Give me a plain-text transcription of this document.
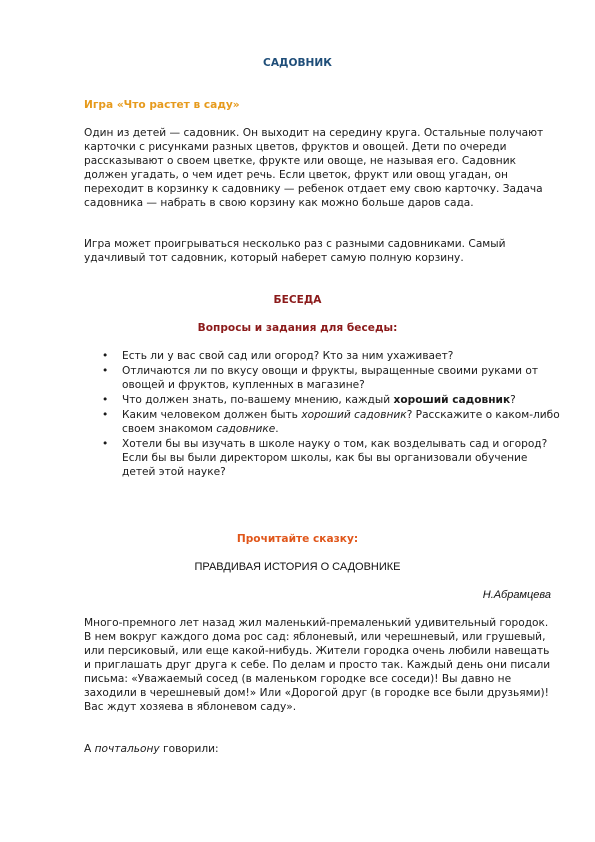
САДОВНИК
Игра «Что растет в саду»

Один из детей — садовник. Он выходит на середину круга. Остальные получают карточки с рисунками разных цветов, фруктов и овощей. Дети по очереди рассказывают о своем цветке, фрукте или овоще, не называя его. Садовник должен угадать, о чем идет речь. Если цветок, фрукт или овощ угадан, он переходит в корзинку к садовнику — ребенок отдает ему свою карточку. Задача садовника — набрать в свою корзину как можно больше даров сада.

Игра может проигрываться несколько раз с разными садовниками. Самый удачливый тот садовник, который наберет самую полную корзину.

БЕСЕДА
Вопросы и задания для беседы:
• Есть ли у вас свой сад или огород? Кто за ним ухаживает?
• Отличаются ли по вкусу овощи и фрукты, выращенные своими руками от овощей и фруктов, купленных в магазине?
• Что должен знать, по-вашему мнению, каждый хороший садовник?
• Каким человеком должен быть хороший садовник? Расскажите о каком-либо своем знакомом садовнике.
• Хотели бы вы изучать в школе науку о том, как возделывать сад и огород? Если бы вы были директором школы, как бы вы организовали обучение детей этой науке?
Прочитайте сказку:
ПРАВДИВАЯ ИСТОРИЯ О САДОВНИКЕ
Н.Абрамцева

Много-премного лет назад жил маленький-премаленький удивительный городок. В нем вокруг каждого дома рос сад: яблоневый, или черешневый, или грушевый, или персиковый, или еще какой-нибудь. Жители городка очень любили навещать и приглашать друг друга к себе. По делам и просто так. Каждый день они писали письма: «Уважаемый сосед (в маленьком городке все соседи)! Вы давно не заходили в черешневый дом!» Или «Дорогой друг (в городке все были друзьями)! Вас ждут хозяева в яблоневом саду».

А почтальону говорили:
